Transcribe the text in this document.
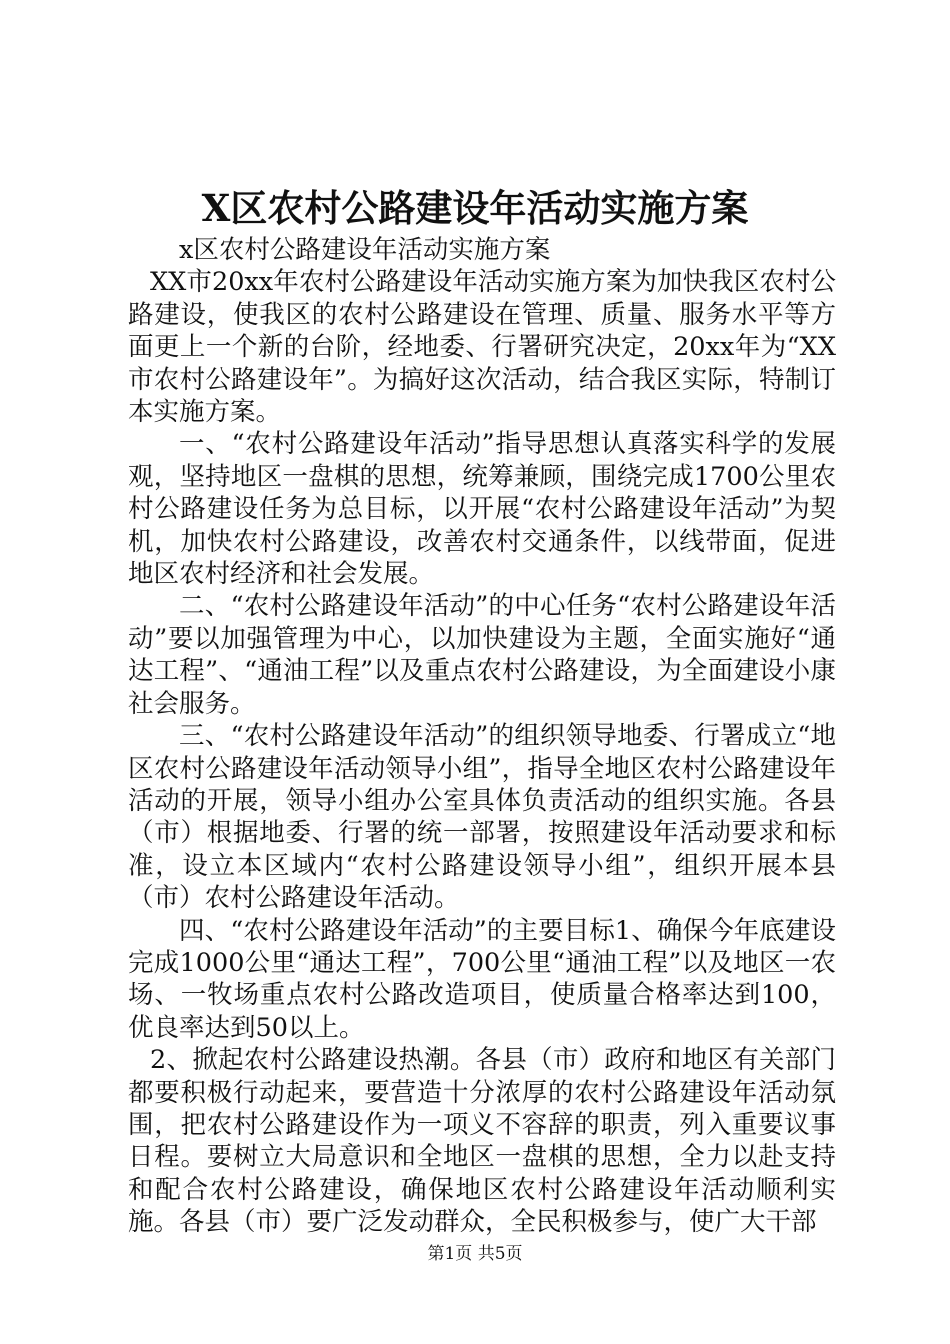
X区农村公路建设年活动实施方案

x区农村公路建设年活动实施方案

XX市20xx年农村公路建设年活动实施方案为加快我区农村公路建设，使我区的农村公路建设在管理、质量、服务水平等方面更上一个新的台阶，经地委、行署研究决定，20xx年为“XX市农村公路建设年”。为搞好这次活动，结合我区实际，特制订本实施方案。

一、“农村公路建设年活动”指导思想认真落实科学的发展观，坚持地区一盘棋的思想，统筹兼顾，围绕完成1700公里农村公路建设任务为总目标，以开展“农村公路建设年活动”为契机，加快农村公路建设，改善农村交通条件，以线带面，促进地区农村经济和社会发展。

二、“农村公路建设年活动”的中心任务“农村公路建设年活动”要以加强管理为中心，以加快建设为主题，全面实施好“通达工程”、“通油工程”以及重点农村公路建设，为全面建设小康社会服务。

三、“农村公路建设年活动”的组织领导地委、行署成立“地区农村公路建设年活动领导小组”，指导全地区农村公路建设年活动的开展，领导小组办公室具体负责活动的组织实施。各县（市）根据地委、行署的统一部署，按照建设年活动要求和标准，设立本区域内“农村公路建设领导小组”，组织开展本县（市）农村公路建设年活动。

四、“农村公路建设年活动”的主要目标1、确保今年底建设完成1000公里“通达工程”，700公里“通油工程”以及地区一农场、一牧场重点农村公路改造项目，使质量合格率达到100，优良率达到50以上。

2、掀起农村公路建设热潮。各县（市）政府和地区有关部门都要积极行动起来，要营造十分浓厚的农村公路建设年活动氛围，把农村公路建设作为一项义不容辞的职责，列入重要议事日程。要树立大局意识和全地区一盘棋的思想，全力以赴支持和配合农村公路建设，确保地区农村公路建设年活动顺利实施。各县（市）要广泛发动群众，全民积极参与，使广大干部

第1页 共5页
